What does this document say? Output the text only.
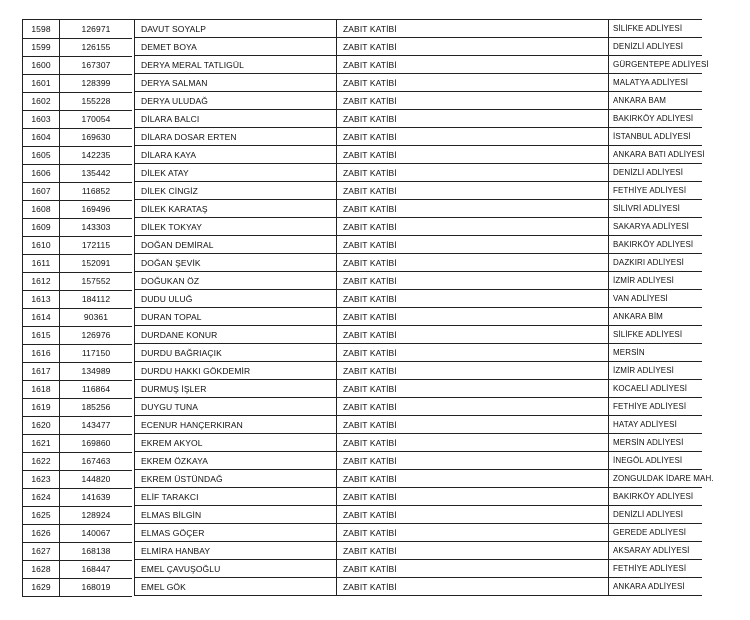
1598	126971	DAVUT SOYALP	ZABIT KATİBİ	SİLİFKE ADLİYESİ
1599	126155	DEMET BOYA	ZABIT KATİBİ	DENİZLİ ADLİYESİ
1600	167307	DERYA MERAL TATLIGÜL	ZABIT KATİBİ	GÜRGENTEPE ADLİYESİ
1601	128399	DERYA SALMAN	ZABIT KATİBİ	MALATYA ADLİYESİ
1602	155228	DERYA ULUDAĞ	ZABIT KATİBİ	ANKARA BAM
1603	170054	DİLARA BALCI	ZABIT KATİBİ	BAKIRKÖY ADLİYESİ
1604	169630	DİLARA DOSAR ERTEN	ZABIT KATİBİ	İSTANBUL ADLİYESİ
1605	142235	DİLARA KAYA	ZABIT KATİBİ	ANKARA BATI ADLİYESİ
1606	135442	DİLEK ATAY	ZABIT KATİBİ	DENİZLİ ADLİYESİ
1607	116852	DİLEK CİNGİZ	ZABIT KATİBİ	FETHİYE ADLİYESİ
1608	169496	DİLEK KARATAŞ	ZABIT KATİBİ	SİLİVRİ ADLİYESİ
1609	143303	DİLEK TOKYAY	ZABIT KATİBİ	SAKARYA ADLİYESİ
1610	172115	DOĞAN DEMİRAL	ZABIT KATİBİ	BAKIRKÖY ADLİYESİ
1611	152091	DOĞAN ŞEVİK	ZABIT KATİBİ	DAZKIRI ADLİYESİ
1612	157552	DOĞUKAN ÖZ	ZABIT KATİBİ	İZMİR ADLİYESİ
1613	184112	DUDU ULUĞ	ZABIT KATİBİ	VAN ADLİYESİ
1614	90361	DURAN TOPAL	ZABIT KATİBİ	ANKARA BİM
1615	126976	DURDANE KONUR	ZABIT KATİBİ	SİLİFKE ADLİYESİ
1616	117150	DURDU BAĞRIAÇIK	ZABIT KATİBİ	MERSİN
1617	134989	DURDU HAKKI GÖKDEMİR	ZABIT KATİBİ	İZMİR ADLİYESİ
1618	116864	DURMUŞ İŞLER	ZABIT KATİBİ	KOCAELİ ADLİYESİ
1619	185256	DUYGU TUNA	ZABIT KATİBİ	FETHİYE ADLİYESİ
1620	143477	ECENUR HANÇERKIRAN	ZABIT KATİBİ	HATAY ADLİYESİ
1621	169860	EKREM AKYOL	ZABIT KATİBİ	MERSİN ADLİYESİ
1622	167463	EKREM ÖZKAYA	ZABIT KATİBİ	İNEGÖL ADLİYESİ
1623	144820	EKREM ÜSTÜNDAĞ	ZABIT KATİBİ	ZONGULDAK İDARE MAH.
1624	141639	ELİF TARAKCI	ZABIT KATİBİ	BAKIRKÖY ADLİYESİ
1625	128924	ELMAS BİLGİN	ZABIT KATİBİ	DENİZLİ ADLİYESİ
1626	140067	ELMAS GÖÇER	ZABIT KATİBİ	GEREDE ADLİYESİ
1627	168138	ELMİRA HANBAY	ZABIT KATİBİ	AKSARAY ADLİYESİ
1628	168447	EMEL ÇAVUŞOĞLU	ZABIT KATİBİ	FETHİYE ADLİYESİ
1629	168019	EMEL GÖK	ZABIT KATİBİ	ANKARA ADLİYESİ
